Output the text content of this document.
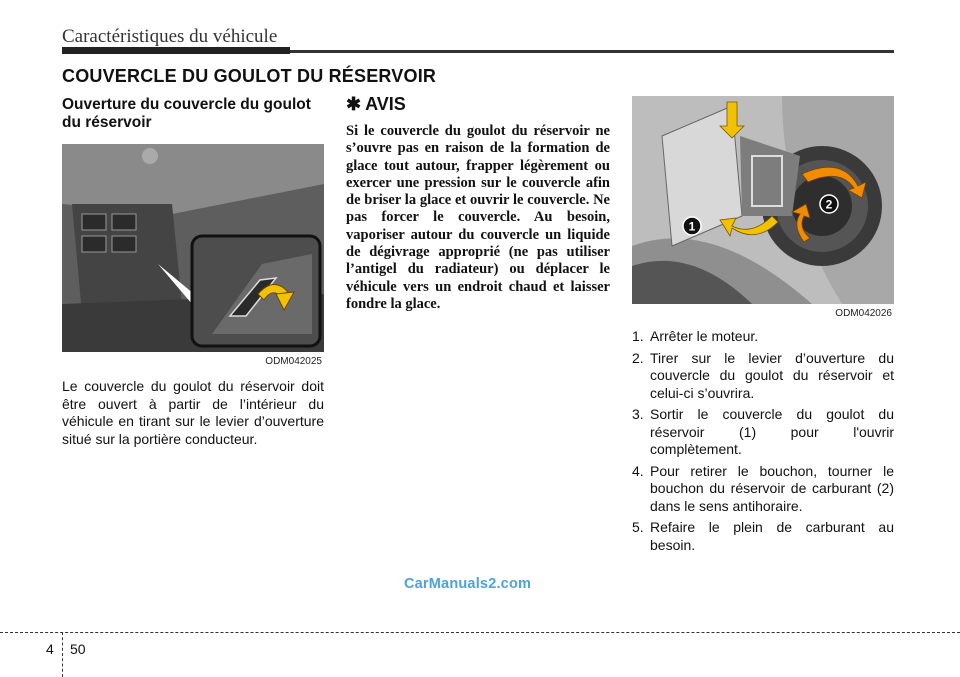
Caractéristiques du véhicule
COUVERCLE DU GOULOT DU RÉSERVOIR
Ouverture du couvercle du goulot du réservoir
ODM042025

Le couvercle du goulot du réservoir doit être ouvert à partir de l’intérieur du véhicule en tirant sur le levier d’ouverture situé sur la portière conducteur.

✱ AVIS

Si le couvercle du goulot du réservoir ne s’ouvre pas en raison de la formation de glace tout autour, frapper légèrement ou exercer une pression sur le couvercle afin de briser la glace et ouvrir le couvercle. Ne pas forcer le couvercle. Au besoin, vaporiser autour du couvercle un liquide de dégivrage approprié (ne pas utiliser l’antigel du radiateur) ou déplacer le véhicule vers un endroit chaud et laisser fondre la glace.

1
2
ODM042026
1. Arrêter le moteur.
2. Tirer sur le levier d’ouverture du couvercle du goulot du réservoir et celui-ci s’ouvrira.
3. Sortir le couvercle du goulot du réservoir (1) pour l'ouvrir complètement.
4. Pour retirer le bouchon, tourner le bouchon du réservoir de carburant (2) dans le sens antihoraire.
5. Refaire le plein de carburant au besoin.
CarManuals2.com
4 50
